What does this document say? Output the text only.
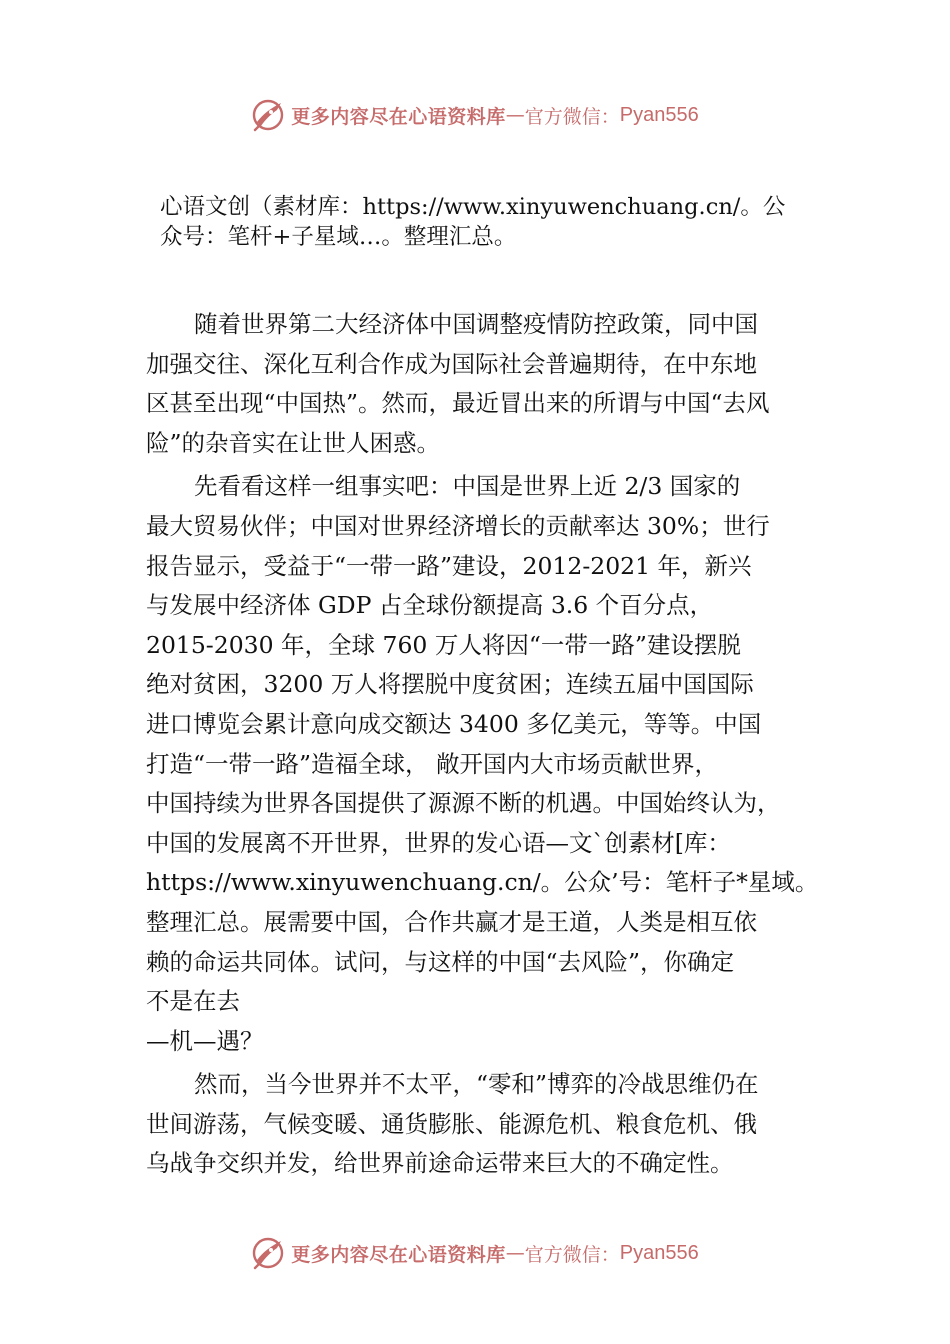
更多内容尽在心语资料库 — 官方微信： Pyan556
心语文创（素材库：https://www.xinyuwenchuang.cn/。公
众号：笔杆+子星域…。整理汇总。
随着世界第二大经济体中国调整疫情防控政策，同中国
加强交往、深化互利合作成为国际社会普遍期待，在中东地
区甚至出现“中国热”。然而，最近冒出来的所谓与中国“去风
险”的杂音实在让世人困惑。
先看看这样一组事实吧：中国是世界上近 2/3 国家的
最大贸易伙伴；中国对世界经济增长的贡献率达 30%；世行
报告显示，受益于“一带一路”建设，2012-2021 年，新兴
与发展中经济体 GDP 占全球份额提高 3.6 个百分点，
2015-2030 年，全球 760 万人将因“一带一路”建设摆脱
绝对贫困，3200 万人将摆脱中度贫困；连续五届中国国际
进口博览会累计意向成交额达 3400 多亿美元，等等。中国
打造“一带一路”造福全球， 敞开国内大市场贡献世界，
中国持续为世界各国提供了源源不断的机遇。中国始终认为，
中国的发展离不开世界，世界的发心语—文`创素材[库：
https://www.xinyuwenchuang.cn/。公众’号：笔杆子*星域。
整理汇总。展需要中国，合作共赢才是王道，人类是相互依
赖的命运共同体。试问，与这样的中国“去风险”，你确定
不是在去
—机—遇？
然而，当今世界并不太平，“零和”博弈的冷战思维仍在
世间游荡，气候变暖、通货膨胀、能源危机、粮食危机、俄
乌战争交织并发，给世界前途命运带来巨大的不确定性。
更多内容尽在心语资料库 — 官方微信： Pyan556
